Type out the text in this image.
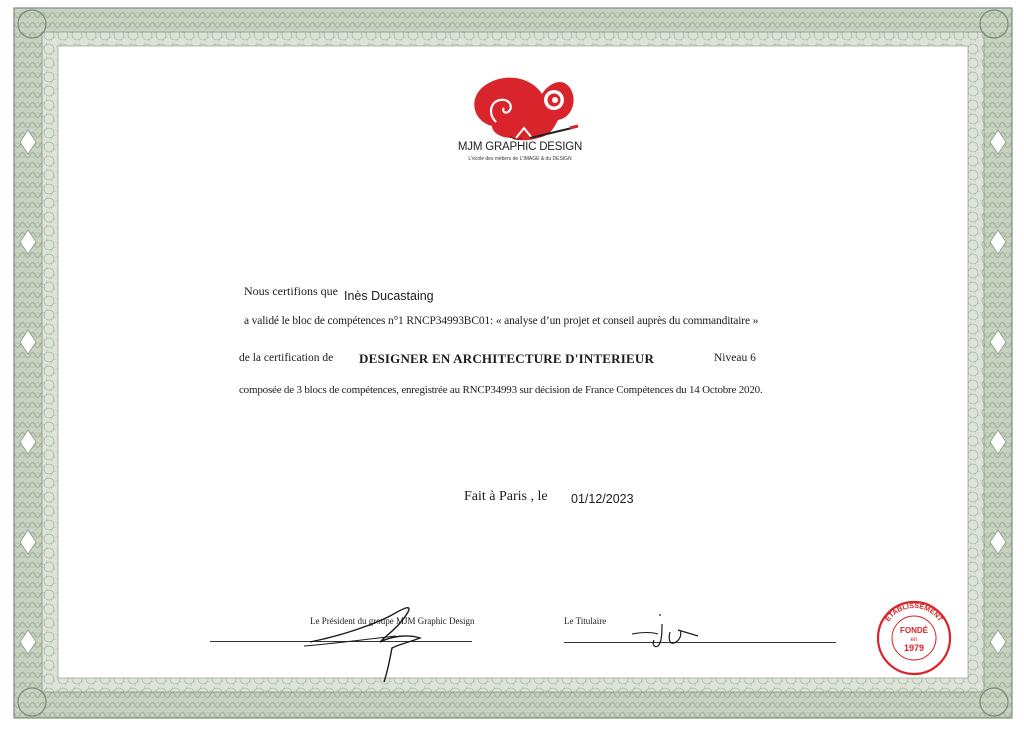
MJM GRAPHIC DESIGN
L'école des métiers de L'IMAGE & du DESIGN
Nous certifions que Inès Ducastaing
a validé le bloc de compétences n°1 RNCP34993BC01: « analyse d’un projet et conseil auprès du commanditaire »
de la certification de DESIGNER EN ARCHITECTURE D'INTERIEUR	Niveau 6
composée de 3 blocs de compétences, enregistrée au RNCP34993 sur décision de France Compétences du 14 Octobre 2020.
Fait à Paris , le 01/12/2023
Le Président du groupe MJM Graphic Design	Le Titulaire	ÉTABLISSEMENT
FONDÉ
en
1979
